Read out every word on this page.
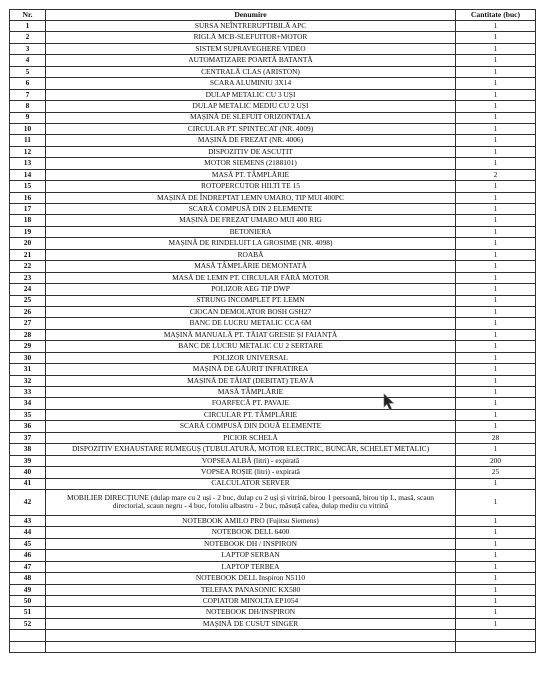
Nr.	Denumire	Cantitate (buc)
1	SURSA NEÎNTRERUPTIBILĂ APC	1
2	RIGLĂ MCB-SLEFUITOR+MOTOR	1
3	SISTEM SUPRAVEGHERE VIDEO	1
4	AUTOMATIZARE POARTĂ BATANTĂ	1
5	CENTRALĂ CLAS (ARISTON)	1
6	SCARA ALUMINIU 3X14	1
7	DULAP METALIC CU 3 UȘI	1
8	DULAP METALIC MEDIU CU 2 UȘI	1
9	MAȘINĂ DE SLEFUIT ORIZONTALA	1
10	CIRCULAR PT. SPINTECAT (NR. 4009)	1
11	MAȘINĂ DE FREZAT (NR. 4006)	1
12	DISPOZITIV DE ASCUȚIT	1
13	MOTOR SIEMENS (2188101)	1
14	MASĂ PT. TÂMPLĂRIE	2
15	ROTOPERCUTOR HILTI TE 15	1
16	MAȘINĂ DE ÎNDREPTAT LEMN UMARO, TIP MUI 400PC	1
17	SCARĂ COMPUSĂ DIN 2 ELEMENTE	1
18	MAȘINĂ DE FREZAT UMARO MUI 400 RIG	1
19	BETONIERA	1
20	MAȘINĂ DE RINDELUIT LA GROSIME (NR. 4098)	1
21	ROABĂ	1
22	MASĂ TÂMPLĂRIE DEMONTATĂ	1
23	MASĂ DE LEMN PT. CIRCULAR FĂRĂ MOTOR	1
24	POLIZOR AEG TIP DWP	1
25	STRUNG INCOMPLET PT. LEMN	1
26	CIOCAN DEMOLATOR BOSH GSH27	1
27	BANC DE LUCRU METALIC CCA 6M	1
28	MAȘINĂ MANUALĂ PT. TĂIAT GRESIE ȘI FAIANȚĂ	1
29	BANC DE LUCRU METALIC CU 2 SERTARE	1
30	POLIZOR UNIVERSAL	1
31	MAȘINĂ DE GĂURIT INFRATIREA	1
32	MAȘINĂ DE TĂIAT (DEBITAT) ȚEAVĂ	1
33	MASĂ TÂMPLĂRIE	1
34	FOARFECĂ PT. PAVAJE	1
35	CIRCULAR PT. TÂMPLĂRIE	1
36	SCARĂ COMPUSĂ DIN DOUĂ ELEMENTE	1
37	PICIOR SCHELĂ	28
38	DISPOZITIV EXHAUSTARE RUMEGUȘ (TUBULATURĂ, MOTOR ELECTRIC, BUNCĂR, SCHELET METALIC)	1
39	VOPSEA ALBĂ (litri) - expirată	200
40	VOPSEA ROȘIE (litri) - expirată	25
41	CALCULATOR SERVER	1
42	MOBILIER DIRECȚIUNE (dulap mare cu 2 uși - 2 buc, dulap cu 2 uși și vitrină, birou 1 persoană, birou tip L, masă, scaun directorial, scaun negru - 4 buc, fotoliu albastru - 2 buc, măsuță cafea, dulap mediu cu vitrină	1
43	NOTEBOOK AMILO PRO (Fujitsu Siemens)	1
44	NOTEBOOK DELL 6400	1
45	NOTEBOOK DH / INSPIRON	1
46	LAPTOP SERBAN	1
47	LAPTOP TERBEA	1
48	NOTEBOOK DELL Inspiron N5110	1
49	TELEFAX PANASONIC KX580	1
50	COPIATOR MINOLTA EP1054	1
51	NOTEBOOK DH/INSPIRON	1
52	MAȘINĂ DE CUSUT SINGER	1
